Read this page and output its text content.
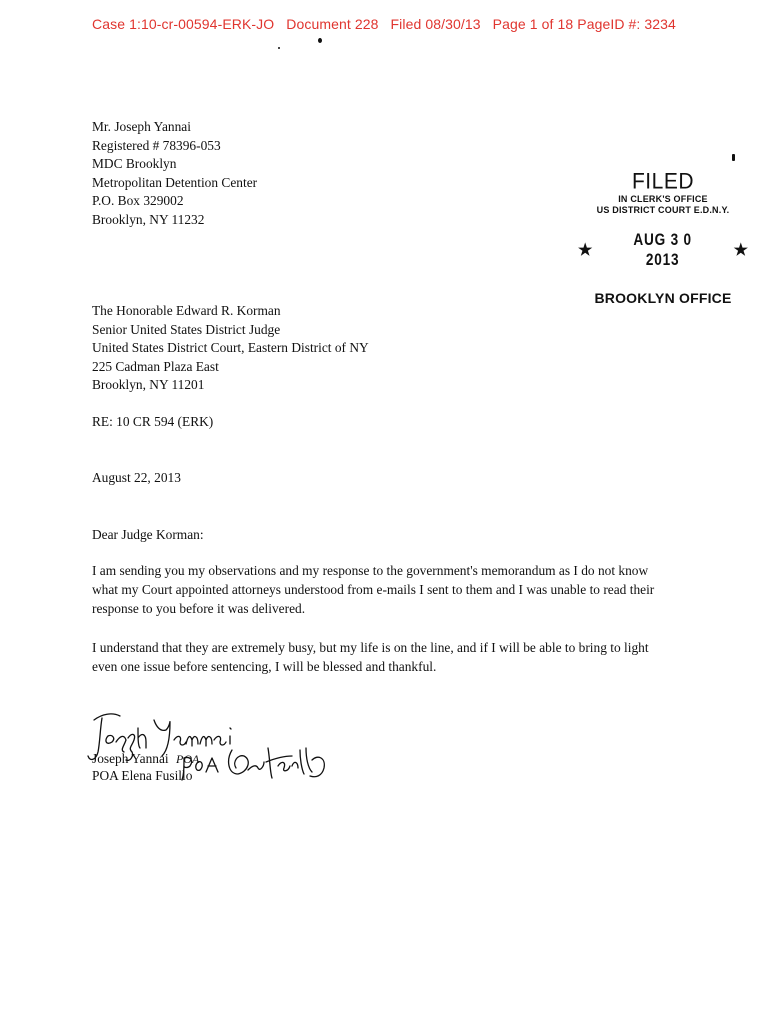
Case 1:10-cr-00594-ERK-JO Document 228 Filed 08/30/13 Page 1 of 18 PageID #: 3234
Mr. Joseph Yannai
Registered # 78396-053
MDC Brooklyn
Metropolitan Detention Center
P.O. Box 329002
Brooklyn, NY 11232
FILED
IN CLERK'S OFFICE
US DISTRICT COURT E.D.N.Y.
★
AUG 3 0 2013	★
BROOKLYN OFFICE
The Honorable Edward R. Korman
Senior United States District Judge
United States District Court, Eastern District of NY
225 Cadman Plaza East
Brooklyn, NY 11201
RE: 10 CR 594 (ERK)
August 22, 2013
Dear Judge Korman:
I am sending you my observations and my response to the government's memorandum as I do not know
what my Court appointed attorneys understood from e-mails I sent to them and I was unable to read their
response to you before it was delivered.
I understand that they are extremely busy, but my life is on the line, and if I will be able to bring to light
even one issue before sentencing, I will be blessed and thankful.
Joseph Yannai POA
POA Elena Fusillo
